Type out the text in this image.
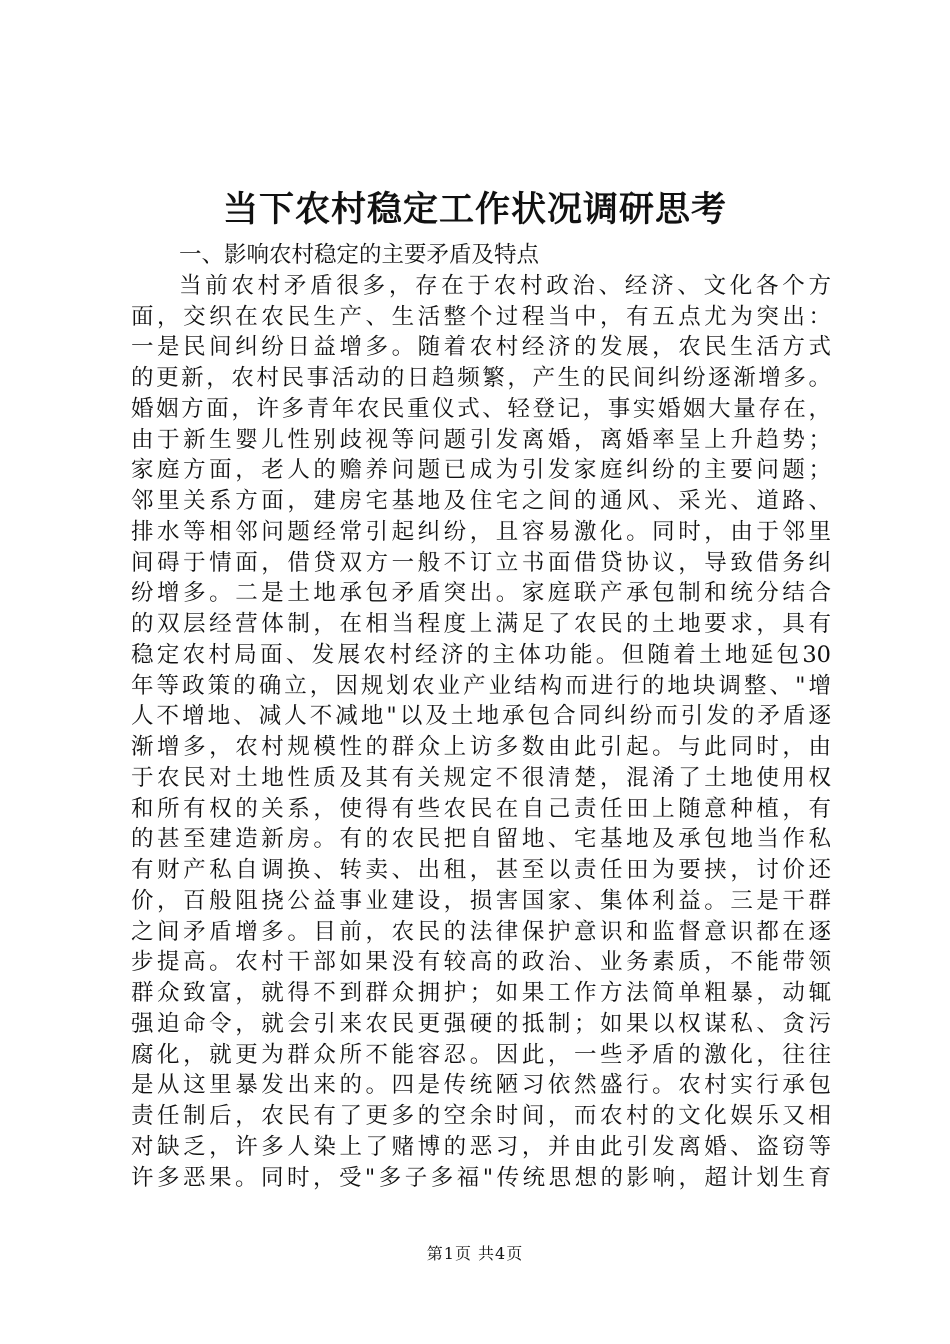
当下农村稳定工作状况调研思考
一、影响农村稳定的主要矛盾及特点
当前农村矛盾很多，存在于农村政治、经济、文化各个方
面，交织在农民生产、生活整个过程当中，有五点尤为突出：
一是民间纠纷日益增多。随着农村经济的发展，农民生活方式
的更新，农村民事活动的日趋频繁，产生的民间纠纷逐渐增多。
婚姻方面，许多青年农民重仪式、轻登记，事实婚姻大量存在，
由于新生婴儿性别歧视等问题引发离婚，离婚率呈上升趋势；
家庭方面，老人的赡养问题已成为引发家庭纠纷的主要问题；
邻里关系方面，建房宅基地及住宅之间的通风、采光、道路、
排水等相邻问题经常引起纠纷，且容易激化。同时，由于邻里
间碍于情面，借贷双方一般不订立书面借贷协议，导致借务纠
纷增多。二是土地承包矛盾突出。家庭联产承包制和统分结合
的双层经营体制，在相当程度上满足了农民的土地要求，具有
稳定农村局面、发展农村经济的主体功能。但随着土地延包30
年等政策的确立，因规划农业产业结构而进行的地块调整、"增
人不增地、减人不减地"以及土地承包合同纠纷而引发的矛盾逐
渐增多，农村规模性的群众上访多数由此引起。与此同时，由
于农民对土地性质及其有关规定不很清楚，混淆了土地使用权
和所有权的关系，使得有些农民在自己责任田上随意种植，有
的甚至建造新房。有的农民把自留地、宅基地及承包地当作私
有财产私自调换、转卖、出租，甚至以责任田为要挟，讨价还
价，百般阻挠公益事业建设，损害国家、集体利益。三是干群
之间矛盾增多。目前，农民的法律保护意识和监督意识都在逐
步提高。农村干部如果没有较高的政治、业务素质，不能带领
群众致富，就得不到群众拥护；如果工作方法简单粗暴，动辄
强迫命令，就会引来农民更强硬的抵制；如果以权谋私、贪污
腐化，就更为群众所不能容忍。因此，一些矛盾的激化，往往
是从这里暴发出来的。四是传统陋习依然盛行。农村实行承包
责任制后，农民有了更多的空余时间，而农村的文化娱乐又相
对缺乏，许多人染上了赌博的恶习，并由此引发离婚、盗窃等
许多恶果。同时，受"多子多福"传统思想的影响，超计划生育
第1页 共4页
